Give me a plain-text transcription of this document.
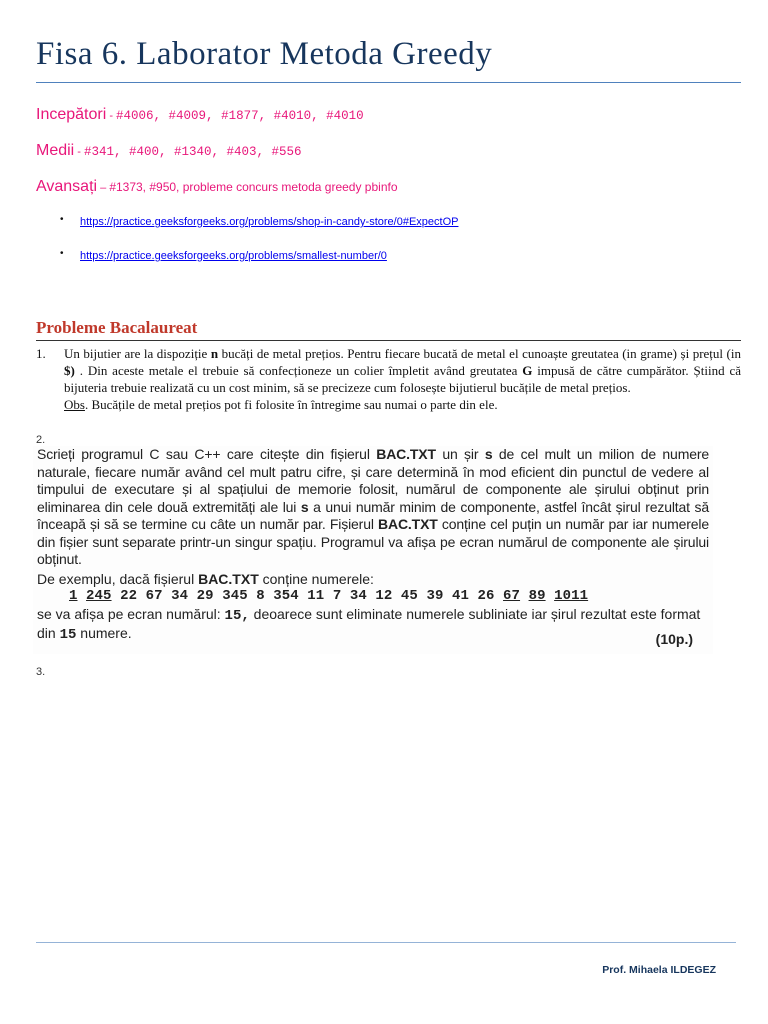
Fisa 6. Laborator Metoda Greedy
Incepători - #4006, #4009, #1877, #4010, #4010
Medii - #341, #400, #1340, #403, #556
Avansați – #1373, #950, probleme concurs metoda greedy pbinfo
• https://practice.geeksforgeeks.org/problems/shop-in-candy-store/0#ExpectOP
• https://practice.geeksforgeeks.org/problems/smallest-number/0
Probleme Bacalaureat
1. Un bijutier are la dispoziție n bucăți de metal prețios. Pentru fiecare bucată de metal el cunoaște greutatea (in grame) și prețul (in $) . Din aceste metale el trebuie să confecționeze un colier împletit având greutatea G impusă de către cumpărător. Știind că bijuteria trebuie realizată cu un cost minim, să se precizeze cum folosește bijutierul bucățile de metal prețios.
Obs. Bucățile de metal prețios pot fi folosite în întregime sau numai o parte din ele.
2.
Scrieți programul C sau C++ care citește din fișierul BAC.TXT un șir s de cel mult un milion de numere naturale, fiecare număr având cel mult patru cifre, și care determină în mod eficient din punctul de vedere al timpului de executare și al spațiului de memorie folosit, numărul de componente ale șirului obținut prin eliminarea din cele două extremități ale lui s a unui număr minim de componente, astfel încât șirul rezultat să înceapă și să se termine cu câte un număr par. Fișierul BAC.TXT conține cel puțin un număr par iar numerele din fișier sunt separate printr-un singur spațiu. Programul va afișa pe ecran numărul de componente ale șirului obținut.
De exemplu, dacă fișierul BAC.TXT conține numerele:
1 245 22 67 34 29 345 8 354 11 7 34 12 45 39 41 26 67 89 1011
se va afișa pe ecran numărul: 15, deoarece sunt eliminate numerele subliniate iar șirul rezultat este format din 15 numere.	(10p.)
3.
Prof. Mihaela ILDEGEZ
